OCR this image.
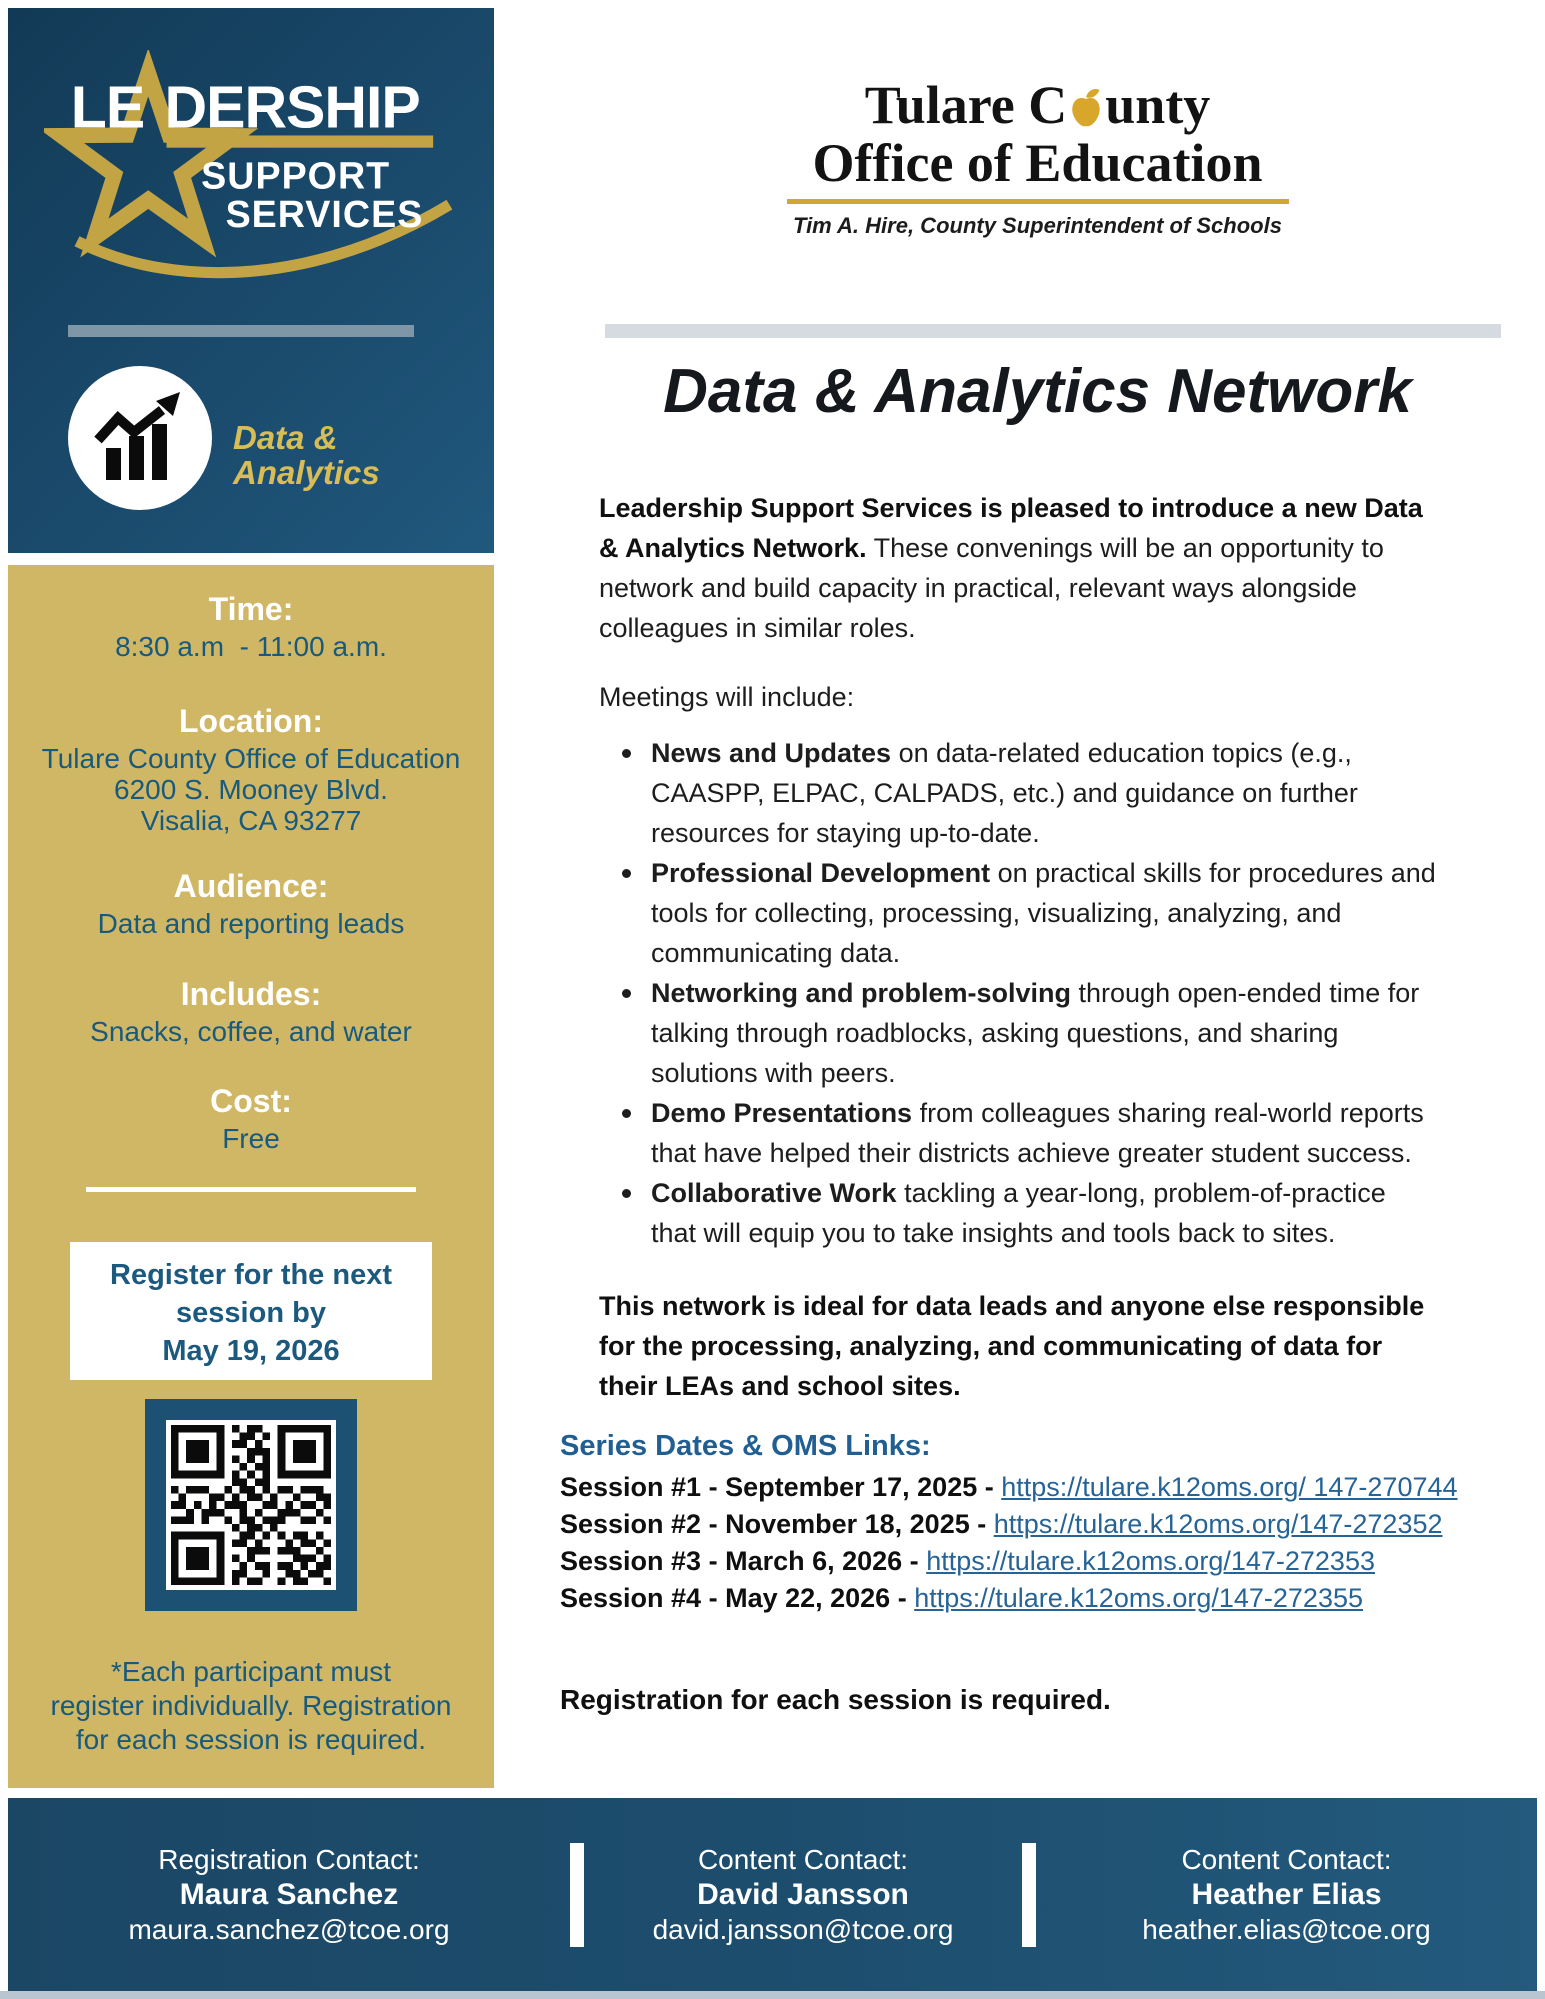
LE DERSHIP
SUPPORT
SERVICES
Data &
Analytics
Time:
8:30 a.m  - 11:00 a.m.
Location:
Tulare County Office of Education
6200 S. Mooney Blvd.
Visalia, CA 93277
Audience:
Data and reporting leads
Includes:
Snacks, coffee, and water
Cost:
Free
Register for the next
session by
May 19, 2026
*Each participant must
register individually. Registration
for each session is required.
Tulare C unty
Office of Education
Tim A. Hire, County Superintendent of Schools
Data & Analytics Network
Leadership Support Services is pleased to introduce a new Data
& Analytics Network. These convenings will be an opportunity to
network and build capacity in practical, relevant ways alongside
colleagues in similar roles.

Meetings will include:
News and Updates on data-related education topics (e.g.,
CAASPP, ELPAC, CALPADS, etc.) and guidance on further
resources for staying up-to-date.

Professional Development on practical skills for procedures and
tools for collecting, processing, visualizing, analyzing, and
communicating data.

Networking and problem-solving through open-ended time for
talking through roadblocks, asking questions, and sharing
solutions with peers.

Demo Presentations from colleagues sharing real-world reports
that have helped their districts achieve greater student success.

Collaborative Work tackling a year-long, problem-of-practice
that will equip you to take insights and tools back to sites.

This network is ideal for data leads and anyone else responsible
for the processing, analyzing, and communicating of data for
their LEAs and school sites.

Series Dates & OMS Links:
Session #1 - September 17, 2025 - https://tulare.k12oms.org/ 147-270744
Session #2 - November 18, 2025 - https://tulare.k12oms.org/147-272352
Session #3 - March 6, 2026 - https://tulare.k12oms.org/147-272353
Session #4 - May 22, 2026 - https://tulare.k12oms.org/147-272355
Registration for each session is required.
Registration Contact:
Maura Sanchez
maura.sanchez@tcoe.org
Content Contact:
David Jansson
david.jansson@tcoe.org
Content Contact:
Heather Elias
heather.elias@tcoe.org
